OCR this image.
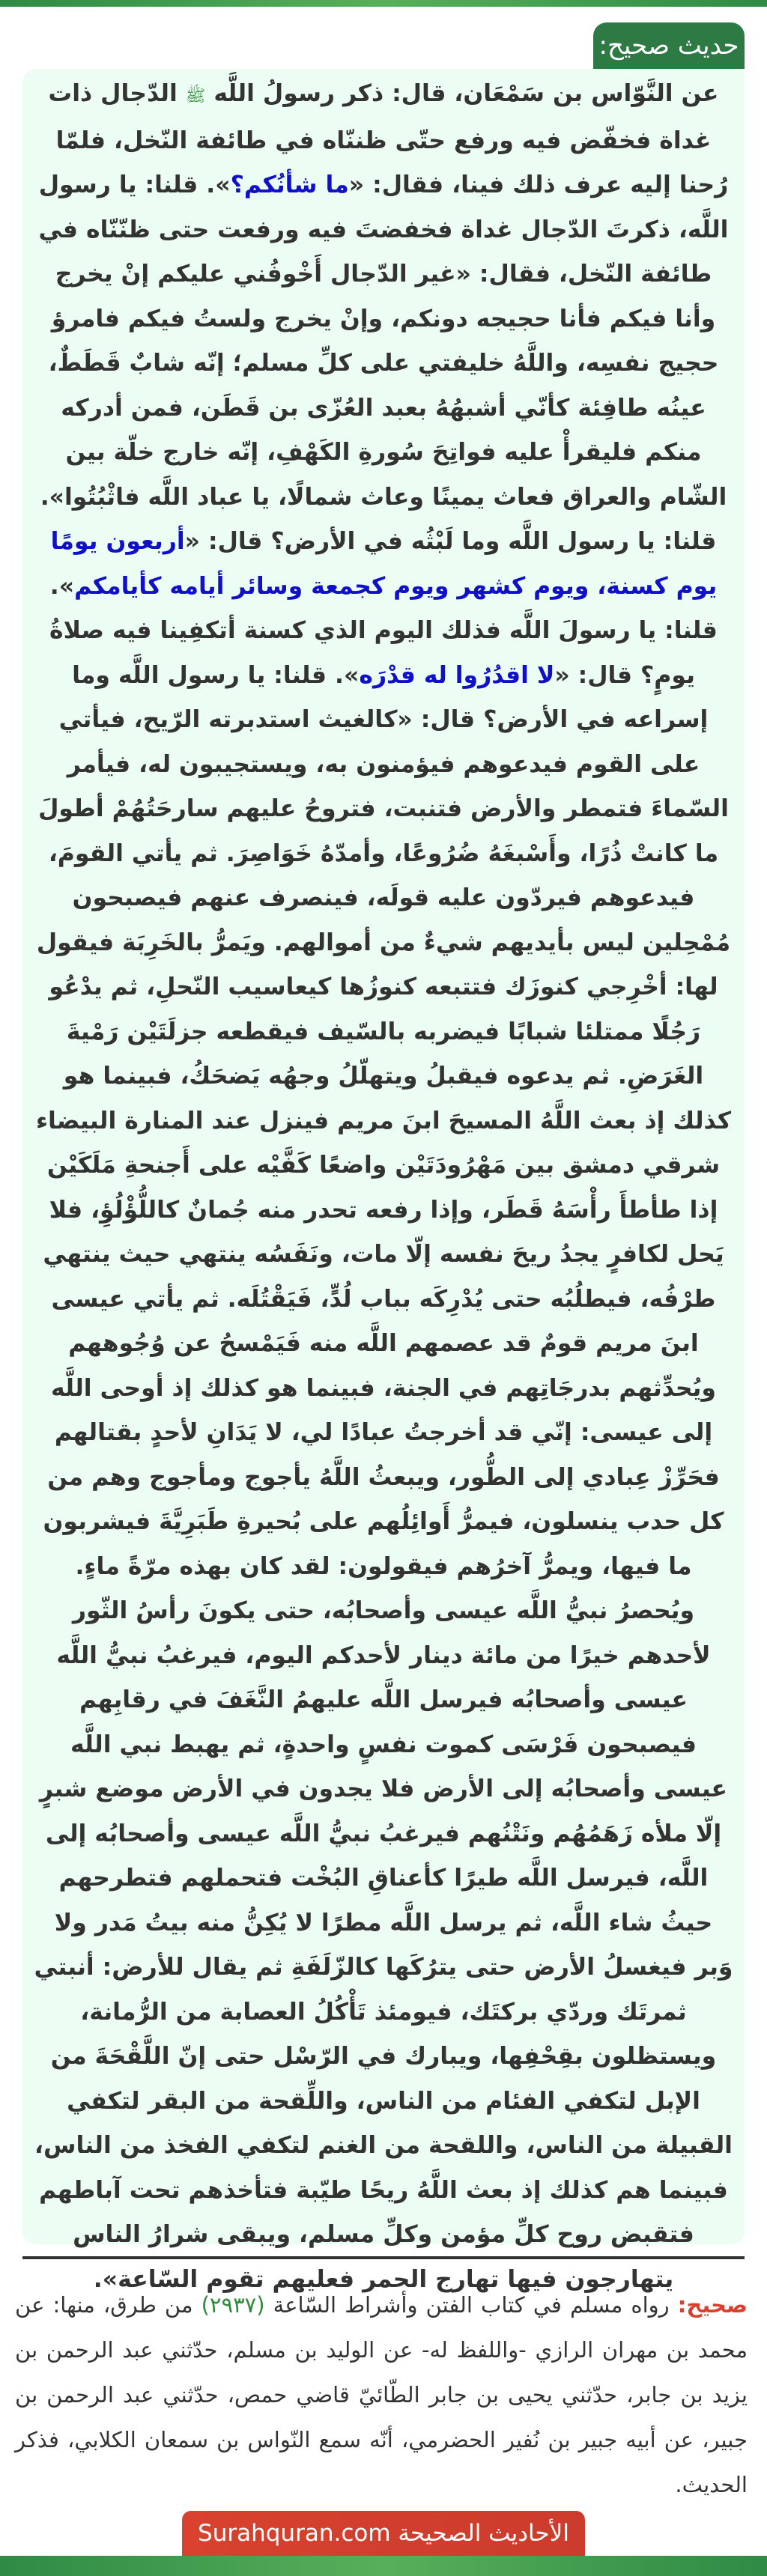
حديث صحيح:
عن النَّوّاس بن سَمْعَان، قال: ذكر رسولُ اللَّه ﷺ الدّجال ذات غداة فخفّض فيه ورفع حتّى ظننّاه في طائفة النّخل، فلمّا رُحنا إليه عرف ذلك فينا، فقال: «ما شأنُكم؟». قلنا: يا رسول اللَّه، ذكرتَ الدّجال غداة فخفضتَ فيه ورفعت حتى ظنّنّاه في طائفة النّخل، فقال: «غير الدّجال أَخْوفُني عليكم إنْ يخرج وأنا فيكم فأنا حجيجه دونكم، وإنْ يخرج ولستُ فيكم فامرؤ حجيج نفسِه، واللَّهُ خليفتي على كلِّ مسلم؛ إنّه شابٌ قَطَطٌ، عينُه طافِئة كأنّي أشبهُهُ بعبد العُزّى بن قَطَن، فمن أدركه منكم فليقرأْ عليه فواتِحَ سُورةِ الكَهْفِ، إنّه خارج خلّة بين الشّام والعراق فعاث يمينًا وعاث شمالًا، يا عباد اللَّه فاثْبُتُوا». قلنا: يا رسول اللَّه وما لَبْثُه في الأرض؟ قال: «أربعون يومًا يوم كسنة، ويوم كشهر ويوم كجمعة وسائر أيامه كأيامكم». قلنا: يا رسولَ اللَّه فذلك اليوم الذي كسنة أتكفِينا فيه صلاةُ يومٍ؟ قال: «لا اقدُرُوا له قدْرَه». قلنا: يا رسول اللَّه وما إسراعه في الأرض؟ قال: «كالغيث استدبرته الرّيح، فيأتي على القوم فيدعوهم فيؤمنون به، ويستجيبون له، فيأمر السّماءَ فتمطر والأرض فتنبت، فتروحُ عليهم سارحَتُهُمْ أطولَ ما كانتْ ذُرًا، وأَسْبغَهُ ضُرُوعًا، وأمدّهُ خَوَاصِرَ. ثم يأتي القومَ، فيدعوهم فيردّون عليه قولَه، فينصرف عنهم فيصبحون مُمْحِلين ليس بأيديهم شيءٌ من أموالهم. ويَمرُّ بالخَرِبَة فيقول لها: أخْرِجي كنوزَك فتتبعه كنوزُها كيعاسيب النّحلِ، ثم يدْعُو رَجُلًا ممتلئا شبابًا فيضربه بالسّيف فيقطعه جزلَتَيْن رَمْيةَ الغَرَضِ. ثم يدعوه فيقبلُ ويتهلّلُ وجهُه يَضحَكُ، فبينما هو كذلك إذ بعث اللَّهُ المسيحَ ابنَ مريم فينزل عند المنارة البيضاء شرقي دمشق بين مَهْرُودَتَيْن واضعًا كَفَّيْه على أَجنحةِ مَلَكَيْن إذا طأطأَ رأْسَهُ قَطَر، وإذا رفعه تحدر منه جُمانٌ كاللُّؤْلُؤِ، فلا يَحل لكافرٍ يجدُ ريحَ نفسه إلّا مات، ونَفَسُه ينتهي حيث ينتهي طرْفُه، فيطلُبُه حتى يُدْرِكَه بباب لُدٍّ، فَيَقْتُلَه. ثم يأتي عيسى ابنَ مريم قومٌ قد عصمهم اللَّه منه فَيَمْسحُ عن وُجُوههم ويُحدِّثهم بدرجَاتِهم في الجنة، فبينما هو كذلك إذ أوحى اللَّه إلى عيسى: إنّي قد أخرجتُ عبادًا لي، لا يَدَانِ لأحدٍ بقتالهم فحَرِّزْ عِبادي إلى الطُّور، ويبعثُ اللَّهُ يأجوج ومأجوج وهم من كل حدب ينسلون، فيمرُّ أَوائِلُهم على بُحيرةِ طَبَرِيَّةَ فيشربون ما فيها، ويمرُّ آخرُهم فيقولون: لقد كان بهذه مرّةً ماءٍ. ويُحصرُ نبيُّ اللَّه عيسى وأصحابُه، حتى يكونَ رأسُ الثّور لأحدهم خيرًا من مائة دينار لأحدكم اليوم، فيرغبُ نبيُّ اللَّه عيسى وأصحابُه فيرسل اللَّه عليهمُ النَّغَفَ في رقابِهم فيصبحون فَرْسَى كموت نفسٍ واحدةٍ، ثم يهبط نبي اللَّه عيسى وأصحابُه إلى الأرض فلا يجدون في الأرض موضع شبرٍ إلّا ملأه زَهَمُهُم ونَتْنُهم فيرغبُ نبيُّ اللَّه عيسى وأصحابُه إلى اللَّه، فيرسل اللَّه طيرًا كأعناقِ البُخْت فتحملهم فتطرحهم حيثُ شاء اللَّه، ثم يرسل اللَّه مطرًا لا يُكِنُّ منه بيتُ مَدر ولا وَبر فيغسلُ الأرض حتى يترُكَها كالزّلَفَةِ ثم يقال للأرض: أنبتي ثمرتَك وردّي بركتَك، فيومئذ تَأْكُلُ العصابة من الرُّمانة، ويستظلون بقِحْفِها، ويبارك في الرّسْل حتى إنّ اللَّقْحَةَ من الإبل لتكفي الفئام من الناس، واللِّقحة من البقر لتكفي القبيلة من الناس، واللقحة من الغنم لتكفي الفخذ من الناس، فبينما هم كذلك إذ بعث اللَّهُ ريحًا طيّبة فتأخذهم تحت آباطهم فتقبض روح كلِّ مؤمن وكلِّ مسلم، ويبقى شرارُ الناس يتهارجون فيها تهارج الحمر فعليهم تقوم السّاعة».
صحيح: رواه مسلم في كتاب الفتن وأشراط السّاعة (٢٩٣٧) من طرق، منها: عن محمد بن مهران الرازي -واللفظ له- عن الوليد بن مسلم، حدّثني عبد الرحمن بن يزيد بن جابر، حدّثني يحيى بن جابر الطّائيّ قاضي حمص، حدّثني عبد الرحمن بن جبير، عن أبيه جبير بن نُفير الحضرمي، أنّه سمع النّواس بن سمعان الكلابي، فذكر الحديث.
الأحاديث الصحيحة Surahquran.com
